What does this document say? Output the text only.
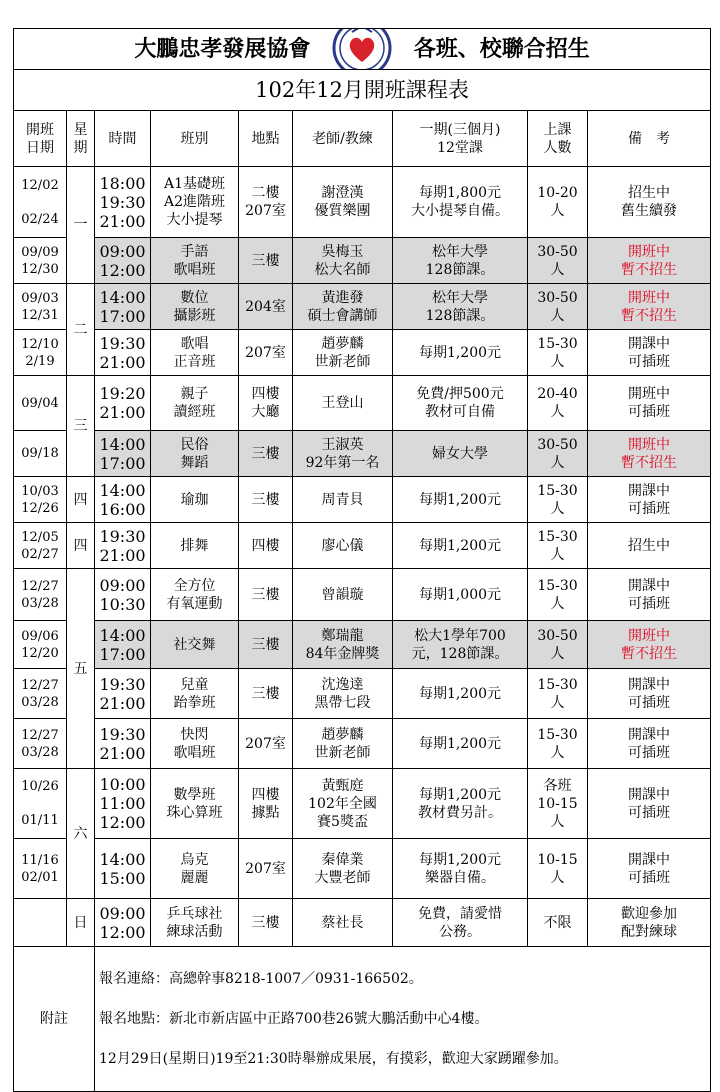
大鵬忠孝發展協會 各班、校聯合招生								
102年12月開班課程表								
開班
日期	星
期	時間	班別	地點	老師/教練	一期(三個月)
12堂課	上課
人數	備　考
12/02

02/24	一	18:00
19:30
21:00	A1基礎班
A2進階班
大小提琴	二樓
207室	謝澄漢
優質樂團	每期1,800元
大小提琴自備。	10-20
人	招生中
舊生續發
09/09
12/30		09:00
12:00	手語
歌唱班	三樓	吳梅玉
松大名師	松年大學
128節課。	30-50
人	開班中
暫不招生
09/03
12/31	二	14:00
17:00	數位
攝影班	204室	黃進發
碩士會講師	松年大學
128節課。	30-50
人	開班中
暫不招生
12/10
2/19		19:30
21:00	歌唱
正音班	207室	趙夢麟
世新老師	每期1,200元	15-30
人	開課中
可插班
09/04	三	19:20
21:00	親子
讀經班	四樓
大廳	王登山	免費/押500元
教材可自備	20-40
人	開班中
可插班
09/18		14:00
17:00	民俗
舞蹈	三樓	王淑英
92年第一名	婦女大學	30-50
人	開班中
暫不招生
10/03
12/26	四	14:00
16:00	瑜珈	三樓	周青貝	每期1,200元	15-30
人	開課中
可插班
12/05
02/27	四	19:30
21:00	排舞	四樓	廖心儀	每期1,200元	15-30
人	招生中
12/27
03/28	五	09:00
10:30	全方位
有氧運動	三樓	曾韻璇	每期1,000元	15-30
人	開課中
可插班
09/06
12/20		14:00
17:00	社交舞	三樓	鄭瑞龍
84年金牌獎	松大1學年700
元，128節課。	30-50
人	開班中
暫不招生
12/27
03/28		19:30
21:00	兒童
跆拳班	三樓	沈逸達
黑帶七段	每期1,200元	15-30
人	開課中
可插班
12/27
03/28		19:30
21:00	快閃
歌唱班	207室	趙夢麟
世新老師	每期1,200元	15-30
人	開課中
可插班
10/26

01/11	六	10:00
11:00
12:00	數學班
珠心算班	四樓
據點	黃甄庭
102年全國
賽5獎盃	每期1,200元
教材費另計。	各班
10-15
人	開課中
可插班
11/16
02/01		14:00
15:00	烏克
麗麗	207室	秦偉業
大豐老師	每期1,200元
樂器自備。	10-15
人	開課中
可插班
	日	09:00
12:00	乒乓球社
練球活動	三樓	蔡社長	免費，請愛惜
公務。	不限	歡迎參加
配對練球
附註		報名連絡：高總幹事8218-1007／0931-166502。

報名地點：新北市新店區中正路700巷26號大鵬活動中心4樓。

12月29日(星期日)19至21:30時舉辦成果展，有摸彩，歡迎大家踴躍參加。						
